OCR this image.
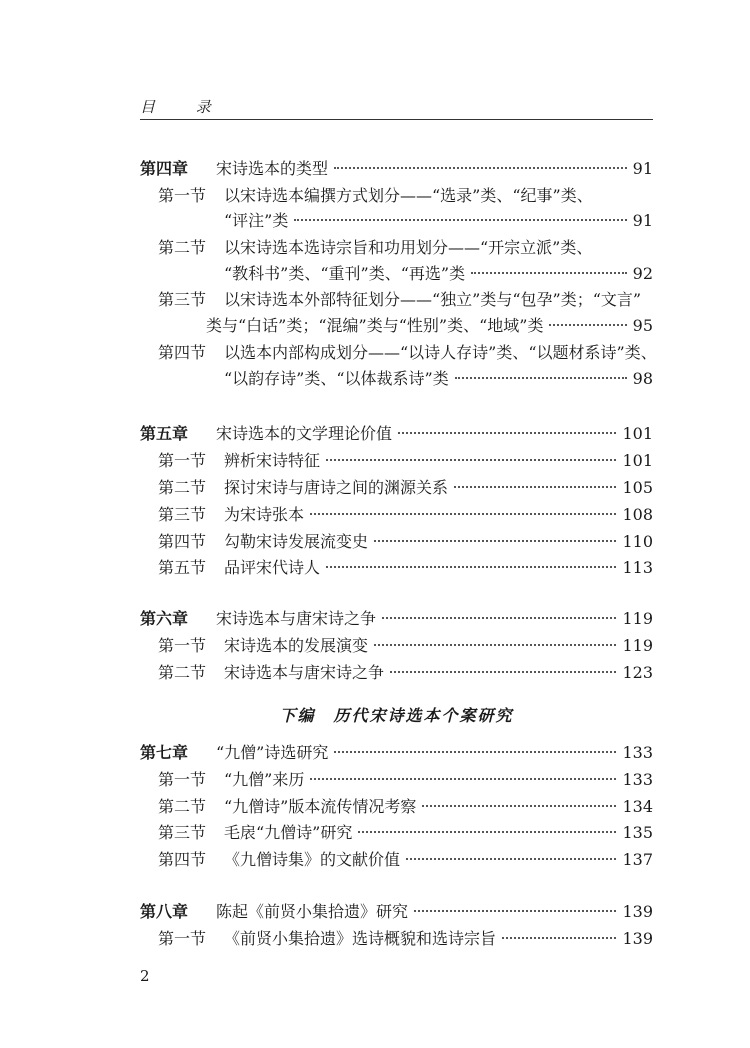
目 录
第四章 宋诗选本的类型	91
第一节 以宋诗选本编撰方式划分——“选录”类、“纪事”类、
“评注”类	91
第二节 以宋诗选本选诗宗旨和功用划分——“开宗立派”类、
“教科书”类、“重刊”类、“再选”类	92
第三节 以宋诗选本外部特征划分——“独立”类与“包孕”类；“文言”
类与“白话”类；“混编”类与“性别”类、“地域”类	95
第四节 以选本内部构成划分——“以诗人存诗”类、“以题材系诗”类、
“以韵存诗”类、“以体裁系诗”类	98
第五章 宋诗选本的文学理论价值	101
第一节 辨析宋诗特征	101
第二节 探讨宋诗与唐诗之间的渊源关系	105
第三节 为宋诗张本	108
第四节 勾勒宋诗发展流变史	110
第五节 品评宋代诗人	113
第六章 宋诗选本与唐宋诗之争	119
第一节 宋诗选本的发展演变	119
第二节 宋诗选本与唐宋诗之争	123
下编　历代宋诗选本个案研究
第七章 “九僧”诗选研究	133
第一节 “九僧”来历	133
第二节 “九僧诗”版本流传情况考察	134
第三节 毛扆“九僧诗”研究	135
第四节 《九僧诗集》的文献价值	137
第八章 陈起《前贤小集拾遗》研究	139
第一节 《前贤小集拾遗》选诗概貌和选诗宗旨	139
2
